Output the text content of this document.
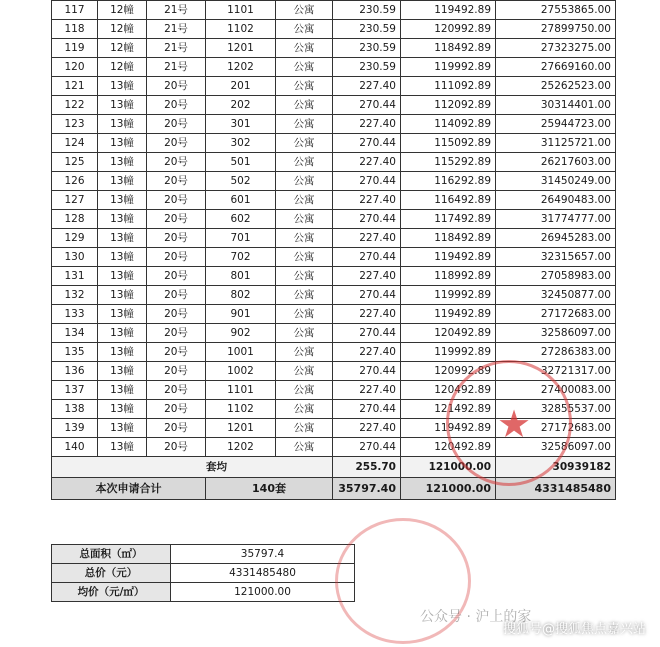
117	12幢	21号	1101	公寓	230.59	119492.89	27553865.00
118	12幢	21号	1102	公寓	230.59	120992.89	27899750.00
119	12幢	21号	1201	公寓	230.59	118492.89	27323275.00
120	12幢	21号	1202	公寓	230.59	119992.89	27669160.00
121	13幢	20号	201	公寓	227.40	111092.89	25262523.00
122	13幢	20号	202	公寓	270.44	112092.89	30314401.00
123	13幢	20号	301	公寓	227.40	114092.89	25944723.00
124	13幢	20号	302	公寓	270.44	115092.89	31125721.00
125	13幢	20号	501	公寓	227.40	115292.89	26217603.00
126	13幢	20号	502	公寓	270.44	116292.89	31450249.00
127	13幢	20号	601	公寓	227.40	116492.89	26490483.00
128	13幢	20号	602	公寓	270.44	117492.89	31774777.00
129	13幢	20号	701	公寓	227.40	118492.89	26945283.00
130	13幢	20号	702	公寓	270.44	119492.89	32315657.00
131	13幢	20号	801	公寓	227.40	118992.89	27058983.00
132	13幢	20号	802	公寓	270.44	119992.89	32450877.00
133	13幢	20号	901	公寓	227.40	119492.89	27172683.00
134	13幢	20号	902	公寓	270.44	120492.89	32586097.00
135	13幢	20号	1001	公寓	227.40	119992.89	27286383.00
136	13幢	20号	1002	公寓	270.44	120992.89	32721317.00
137	13幢	20号	1101	公寓	227.40	120492.89	27400083.00
138	13幢	20号	1102	公寓	270.44	121492.89	32855537.00
139	13幢	20号	1201	公寓	227.40	119492.89	27172683.00
140	13幢	20号	1202	公寓	270.44	120492.89	32586097.00
套均					255.70	121000.00	30939182
本次申请合计			140套		35797.40	121000.00	4331485480
总面积（㎡）	35797.4
总价（元）	4331485480
均价（元/㎡）	121000.00
★
公众号 · 沪上的家
搜狐号@搜狐焦点嘉兴站
